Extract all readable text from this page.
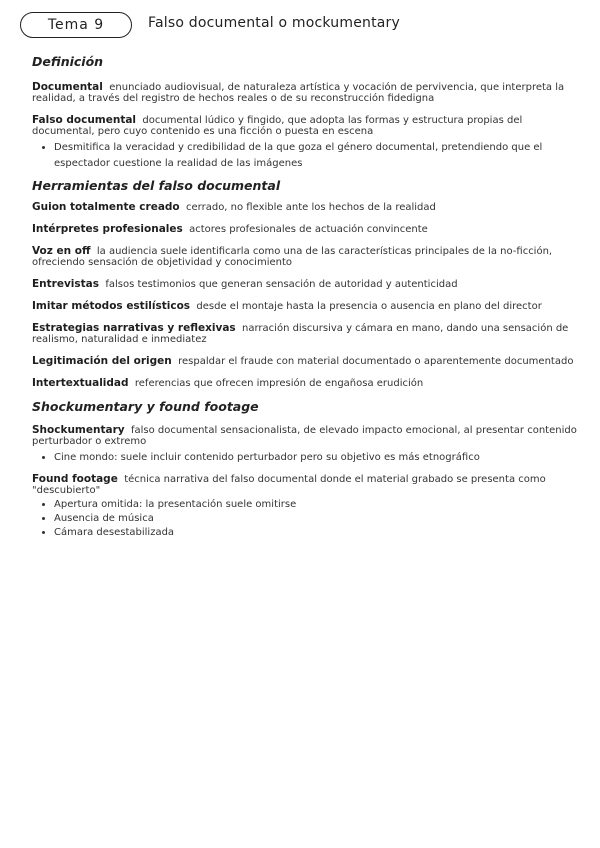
Tema 9	Falso documental o mockumentary
Definición
Documental enunciado audiovisual, de naturaleza artística y vocación de pervivencia, que interpreta la realidad, a través del registro de hechos reales o de su reconstrucción fidedigna
Falso documental documental lúdico y fingido, que adopta las formas y estructura propias del documental, pero cuyo contenido es una ficción o puesta en escena
• Desmitifica la veracidad y credibilidad de la que goza el género documental, pretendiendo que el espectador cuestione la realidad de las imágenes
Herramientas del falso documental
Guion totalmente creado cerrado, no flexible ante los hechos de la realidad
Intérpretes profesionales actores profesionales de actuación convincente
Voz en off la audiencia suele identificarla como una de las características principales de la no-ficción, ofreciendo sensación de objetividad y conocimiento
Entrevistas falsos testimonios que generan sensación de autoridad y autenticidad
Imitar métodos estilísticos desde el montaje hasta la presencia o ausencia en plano del director
Estrategias narrativas y reflexivas narración discursiva y cámara en mano, dando una sensación de realismo, naturalidad e inmediatez
Legitimación del origen respaldar el fraude con material documentado o aparentemente documentado
Intertextualidad referencias que ofrecen impresión de engañosa erudición
Shockumentary y found footage
Shockumentary falso documental sensacionalista, de elevado impacto emocional, al presentar contenido perturbador o extremo
• Cine mondo: suele incluir contenido perturbador pero su objetivo es más etnográfico
Found footage técnica narrativa del falso documental donde el material grabado se presenta como "descubierto"
• Apertura omitida: la presentación suele omitirse
• Ausencia de música
• Cámara desestabilizada
